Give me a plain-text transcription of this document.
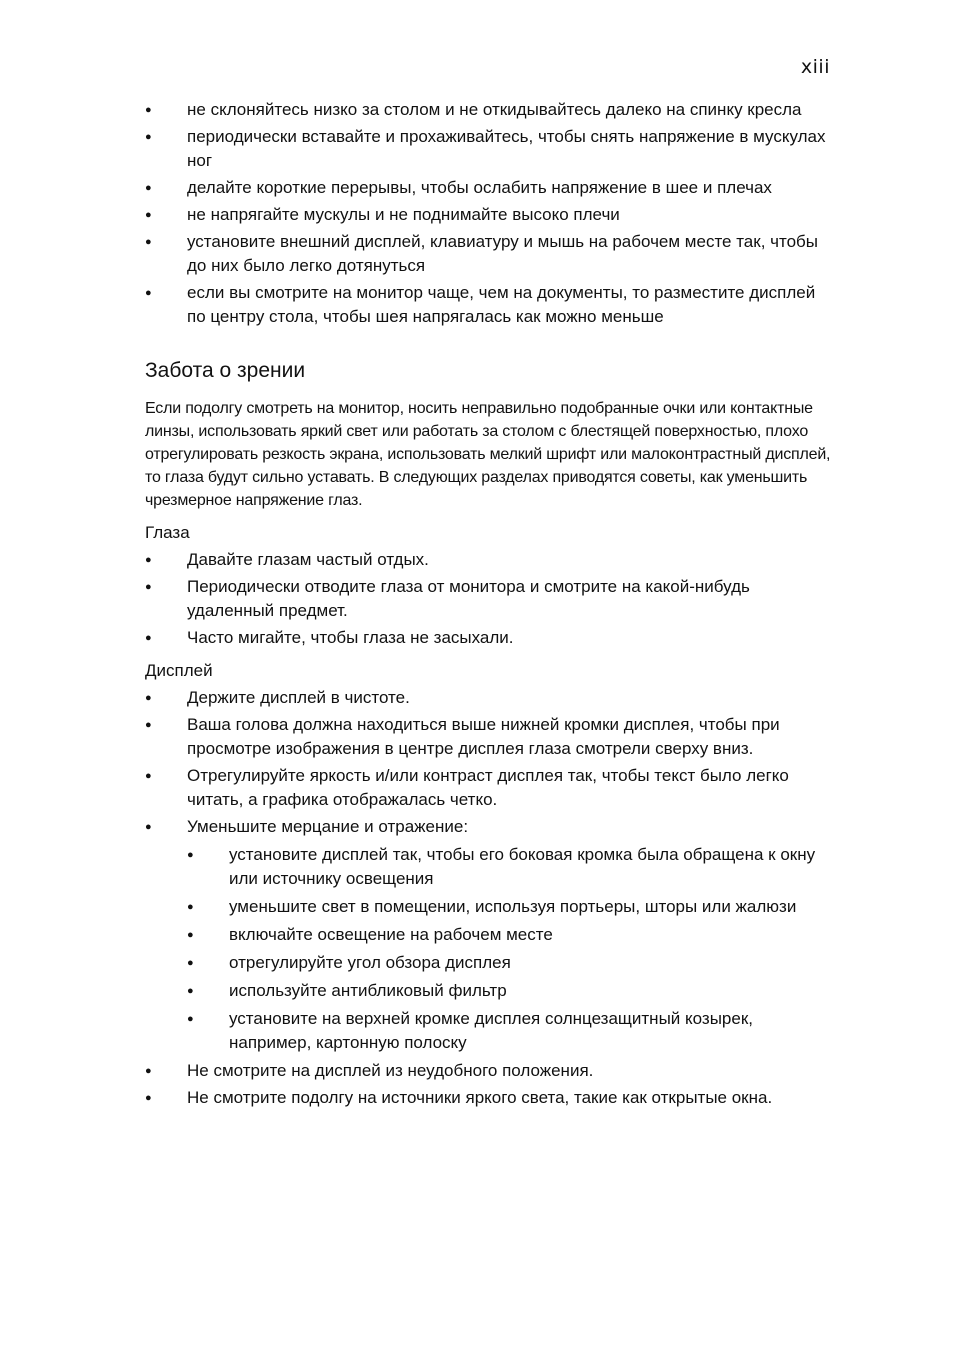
xiii
● не склоняйтесь низко за столом и не откидывайтесь далеко на спинку кресла
● периодически вставайте и прохаживайтесь, чтобы снять напряжение в мускулах ног
● делайте короткие перерывы, чтобы ослабить напряжение в шее и плечах
● не напрягайте мускулы и не поднимайте высоко плечи
● установите внешний дисплей, клавиатуру и мышь на рабочем месте так, чтобы до них было легко дотянуться
● если вы смотрите на монитор чаще, чем на документы, то разместите дисплей по центру стола, чтобы шея напрягалась как можно меньше
Забота о зрении

Если подолгу смотреть на монитор, носить неправильно подобранные очки или контактные линзы, использовать яркий свет или работать за столом с блестящей поверхностью, плохо отрегулировать резкость экрана, использовать мелкий шрифт или малоконтрастный дисплей, то глаза будут сильно уставать. В следующих разделах приводятся советы, как уменьшить чрезмерное напряжение глаз.

Глаза
● Давайте глазам частый отдых.
● Периодически отводите глаза от монитора и смотрите на какой-нибудь удаленный предмет.
● Часто мигайте, чтобы глаза не засыхали.
Дисплей
● Держите дисплей в чистоте.
● Ваша голова должна находиться выше нижней кромки дисплея, чтобы при просмотре изображения в центре дисплея глаза смотрели сверху вниз.
● Отрегулируйте яркость и/или контраст дисплея так, чтобы текст было легко читать, а графика отображалась четко.
● Уменьшите мерцание и отражение:
● установите дисплей так, чтобы его боковая кромка была обращена к окну или источнику освещения
● уменьшите свет в помещении, используя портьеры, шторы или жалюзи
● включайте освещение на рабочем месте
● отрегулируйте угол обзора дисплея
● используйте антибликовый фильтр
● установите на верхней кромке дисплея солнцезащитный козырек, например, картонную полоску
● Не смотрите на дисплей из неудобного положения.
● Не смотрите подолгу на источники яркого света, такие как открытые окна.
